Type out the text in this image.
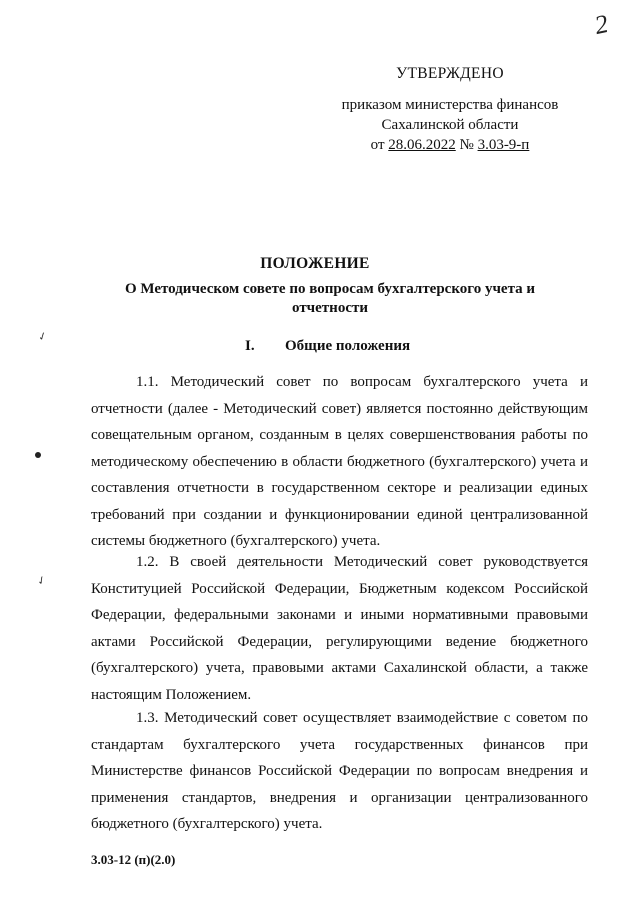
2
УТВЕРЖДЕНО
приказом министерства финансов
Сахалинской области
от 28.06.2022 № 3.03-9-п
ПОЛОЖЕНИЕ
О Методическом совете по вопросам бухгалтерского учета и
отчетности
I. Общие положения
1.1. Методический совет по вопросам бухгалтерского учета и
отчетности (далее - Методический совет) является постоянно действующим
совещательным органом, созданным в целях совершенствования работы по
методическому обеспечению в области бюджетного (бухгалтерского) учета и
составления отчетности в государственном секторе и реализации единых
требований при создании и функционировании единой централизованной
системы бюджетного (бухгалтерского) учета.
1.2. В своей деятельности Методический совет руководствуется
Конституцией Российской Федерации, Бюджетным кодексом Российской
Федерации, федеральными законами и иными нормативными правовыми
актами Российской Федерации, регулирующими ведение бюджетного
(бухгалтерского) учета, правовыми актами Сахалинской области, а также
настоящим Положением.
1.3. Методический совет осуществляет взаимодействие с советом по
стандартам бухгалтерского учета государственных финансов при
Министерстве финансов Российской Федерации по вопросам внедрения и
применения стандартов, внедрения и организации централизованного
бюджетного (бухгалтерского) учета.
3.03-12 (п)(2.0)
✓
✓
